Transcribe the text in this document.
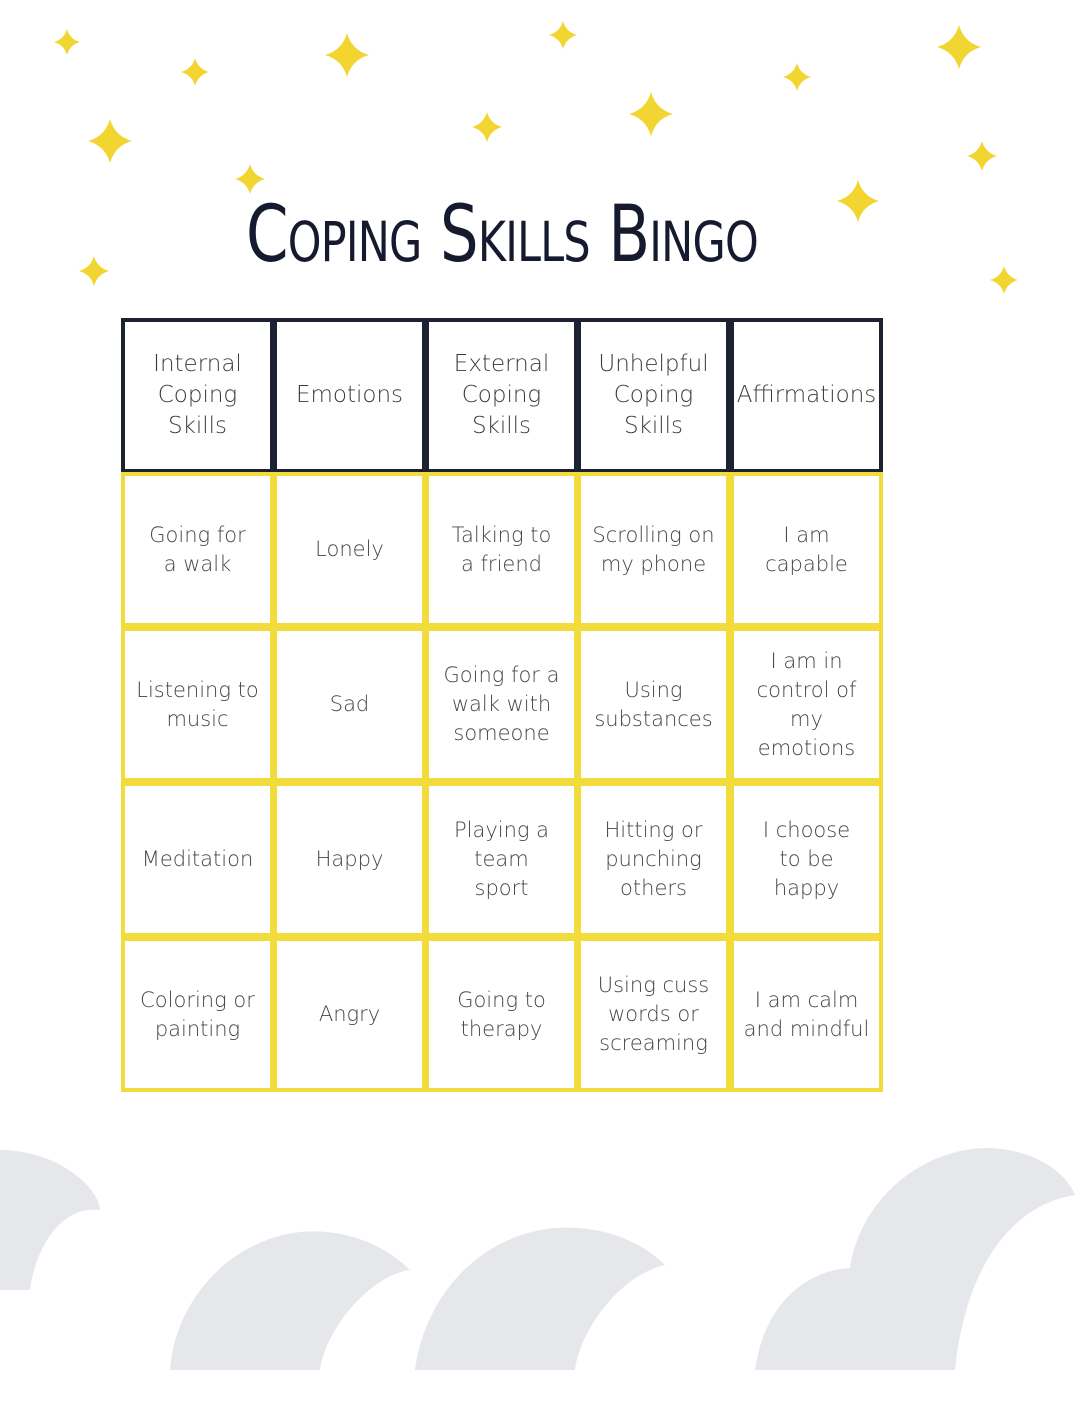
Coping Skills Bingo
Internal
Coping Skills
Emotions
External
Coping Skills
Unhelpful
Coping Skills
Affirmations
Going for
a walk
Lonely
Talking to
a friend
Scrolling on
my phone
I am
capable
Listening to
music
Sad
Going for a
walk with
someone
Using
substances
I am in
control of
my emotions
Meditation	Happy
Playing a team
sport
Hitting or
punching
others
I choose
to be
happy
Coloring or
painting
Angry
Going to
therapy
Using cuss
words or
screaming
I am calm
and mindful
